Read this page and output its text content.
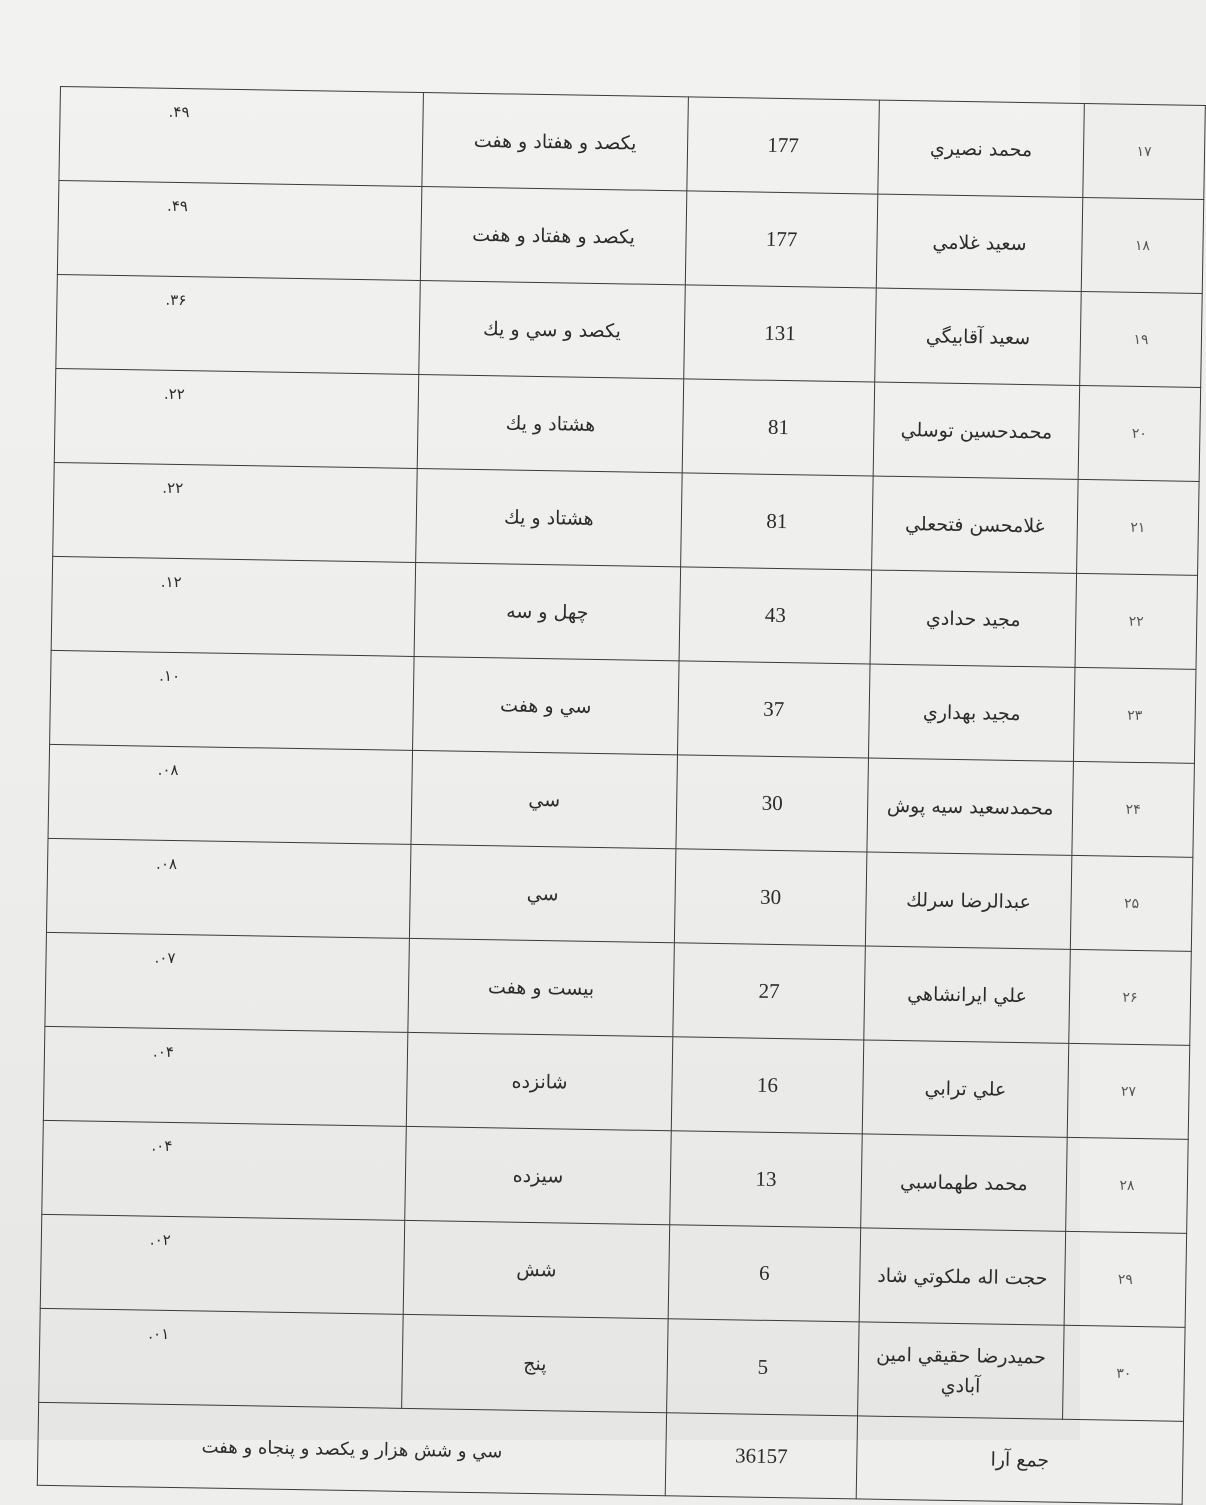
۱۷	محمد نصيري	177	يكصد و هفتاد و هفت	۴۹.
۱۸	سعيد غلامي	177	يكصد و هفتاد و هفت	۴۹.
۱۹	سعيد آقابيگي	131	يكصد و سي و يك	۳۶.
۲۰	محمدحسين توسلي	81	هشتاد و يك	۲۲.
۲۱	غلامحسن فتحعلي	81	هشتاد و يك	۲۲.
۲۲	مجيد حدادي	43	چهل و سه	۱۲.
۲۳	مجيد بهداري	37	سي و هفت	۱۰.
۲۴	محمدسعيد سيه پوش	30	سي	۰۸.
۲۵	عبدالرضا سرلك	30	سي	۰۸.
۲۶	علي ايرانشاهي	27	بيست و هفت	۰۷.
۲۷	علي ترابي	16	شانزده	۰۴.
۲۸	محمد طهماسبي	13	سيزده	۰۴.
۲۹	حجت اله ملكوتي شاد	6	شش	۰۲.
۳۰	حميدرضا حقيقي امين آبادي	5	پنج	۰۱.
جمع آرا		36157	سي و شش هزار و يكصد و پنجاه و هفت	
